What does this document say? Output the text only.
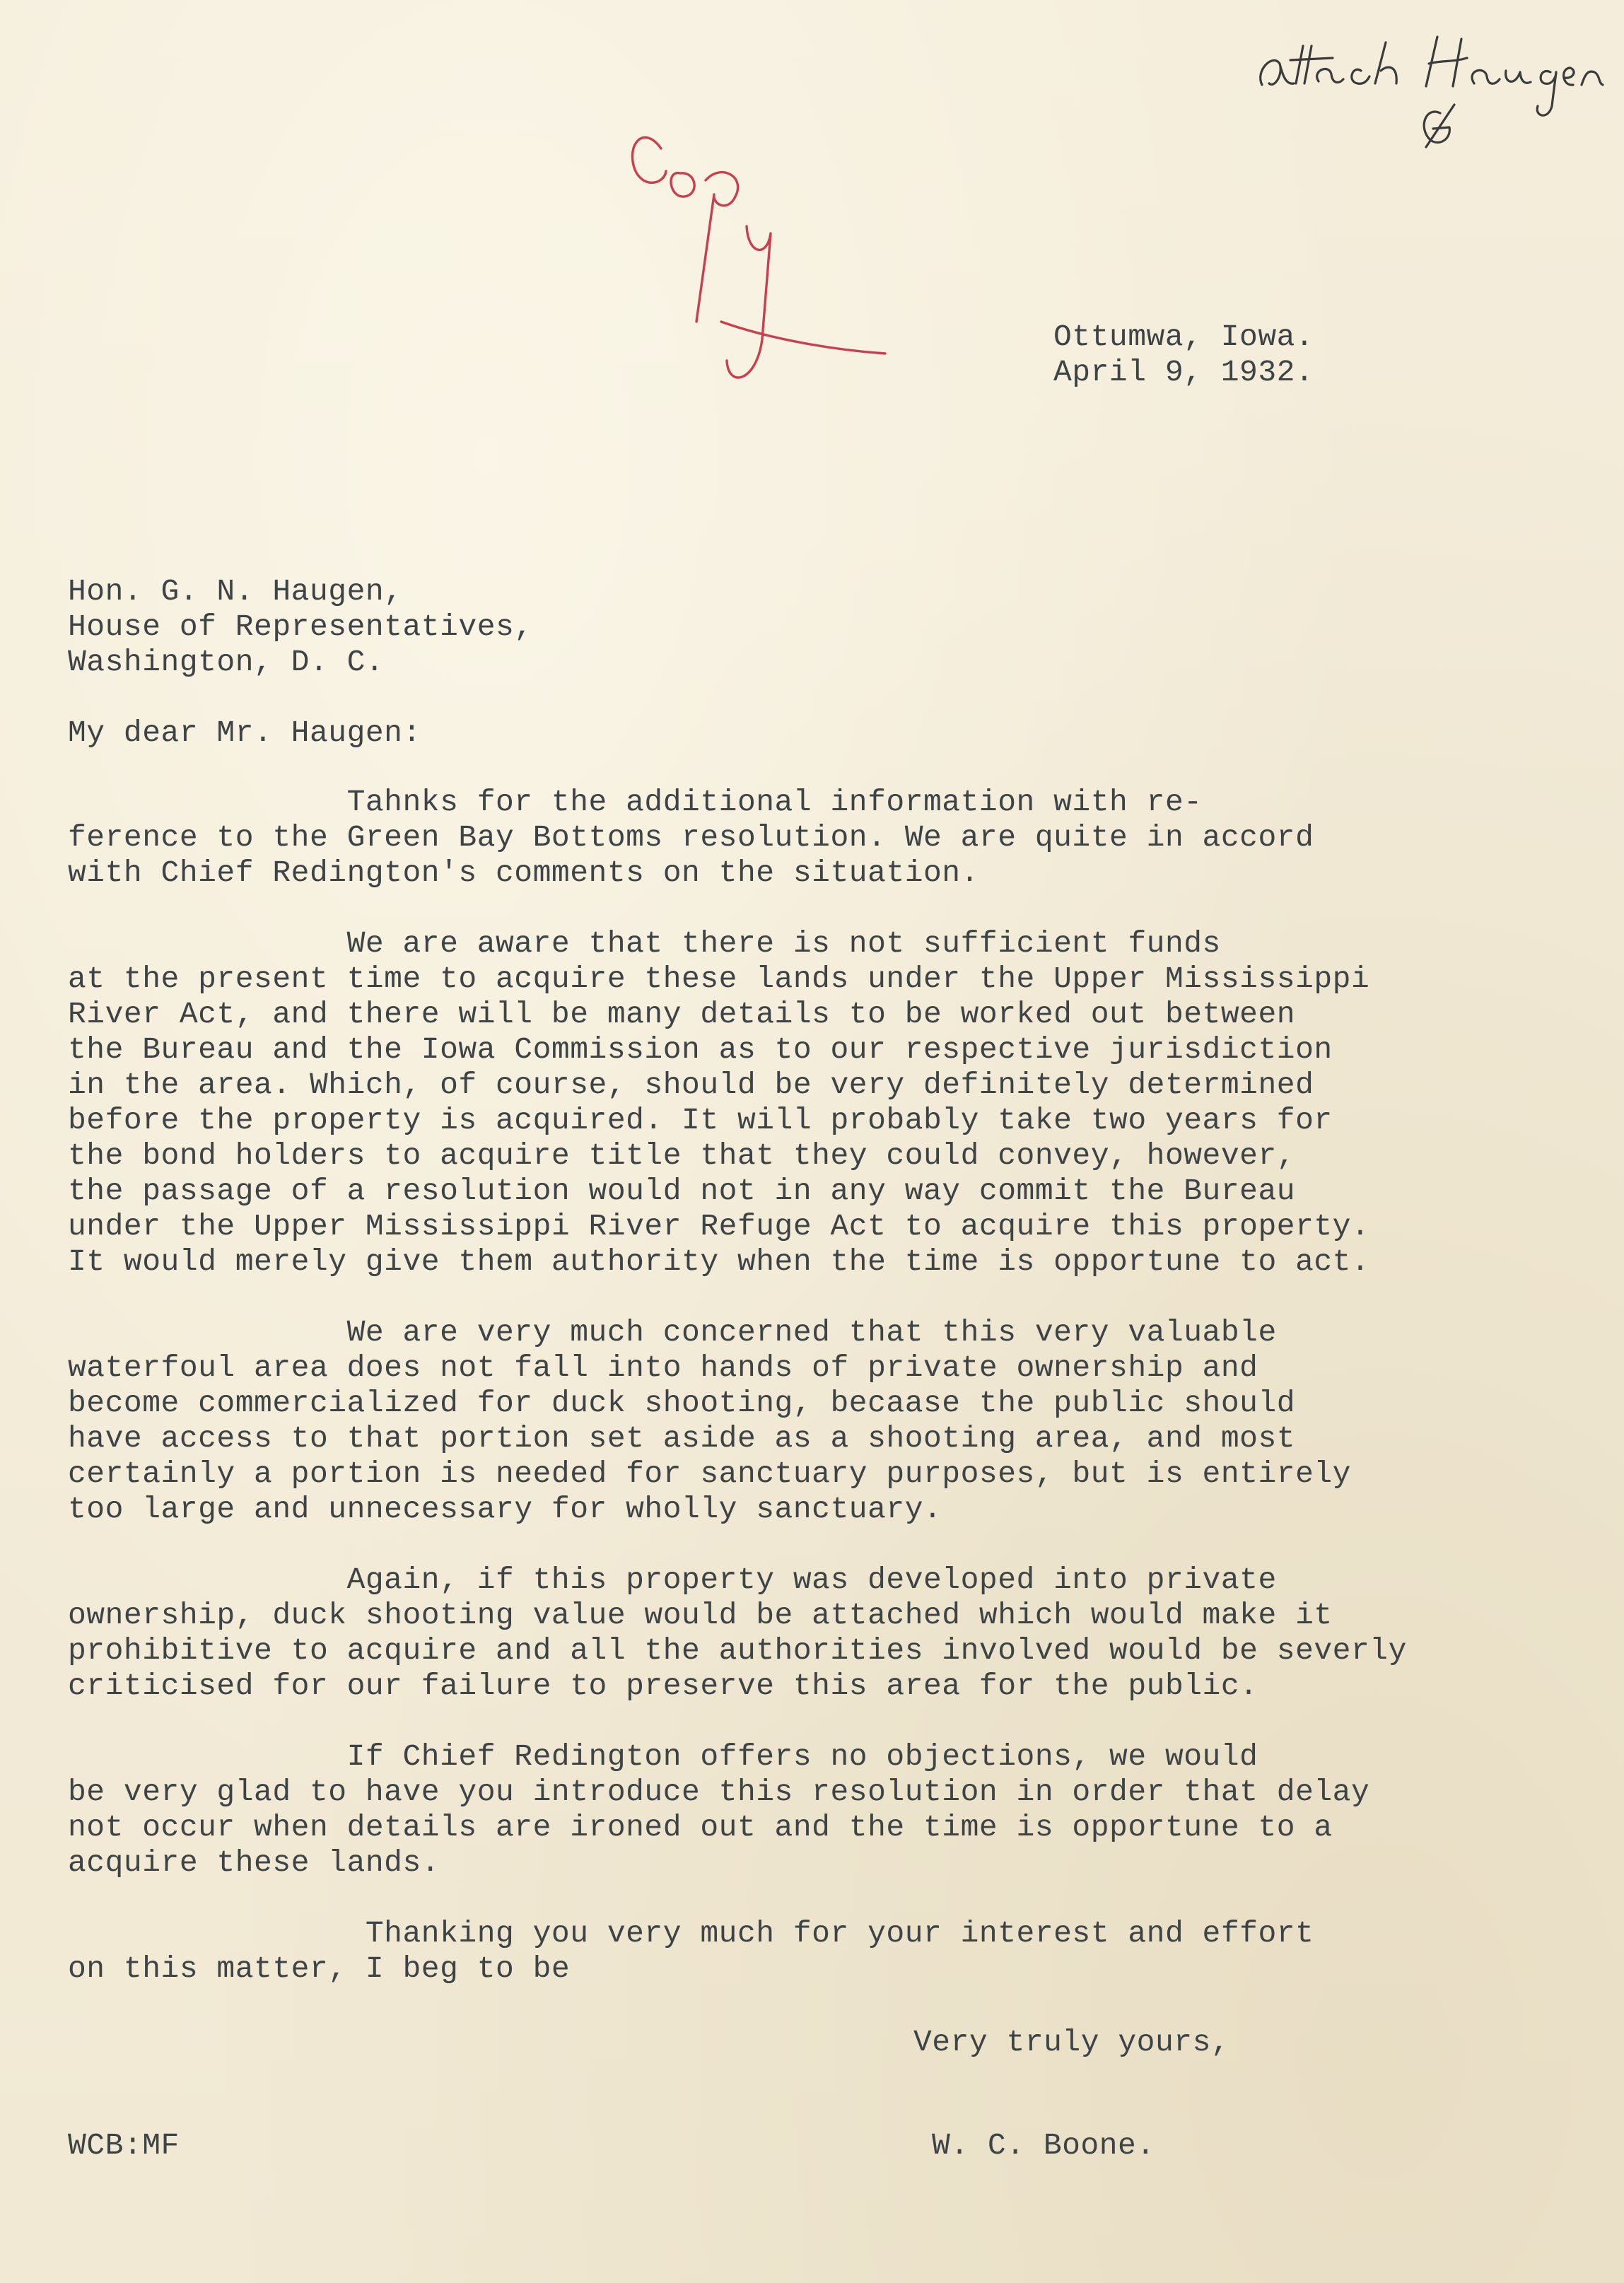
Ottumwa, Iowa.
April 9, 1932.
Hon. G. N. Haugen,
House of Representatives,
Washington, D. C.
My dear Mr. Haugen:
Tahnks for the additional information with re-
ference to the Green Bay Bottoms resolution. We are quite in accord
with Chief Redington's comments on the situation.
We are aware that there is not sufficient funds
at the present time to acquire these lands under the Upper Mississippi
River Act, and there will be many details to be worked out between
the Bureau and the Iowa Commission as to our respective jurisdiction
in the area. Which, of course, should be very definitely determined
before the property is acquired. It will probably take two years for
the bond holders to acquire title that they could convey, however,
the passage of a resolution would not in any way commit the Bureau
under the Upper Mississippi River Refuge Act to acquire this property.
It would merely give them authority when the time is opportune to act.
We are very much concerned that this very valuable
waterfoul area does not fall into hands of private ownership and
become commercialized for duck shooting, becaase the public should
have access to that portion set aside as a shooting area, and most
certainly a portion is needed for sanctuary purposes, but is entirely
too large and unnecessary for wholly sanctuary.
Again, if this property was developed into private
ownership, duck shooting value would be attached which would make it
prohibitive to acquire and all the authorities involved would be severly
criticised for our failure to preserve this area for the public.
If Chief Redington offers no objections, we would
be very glad to have you introduce this resolution in order that delay
not occur when details are ironed out and the time is opportune to a
acquire these lands.
Thanking you very much for your interest and effort
on this matter, I beg to be
Very truly yours,
WCB:MF	W. C. Boone.
